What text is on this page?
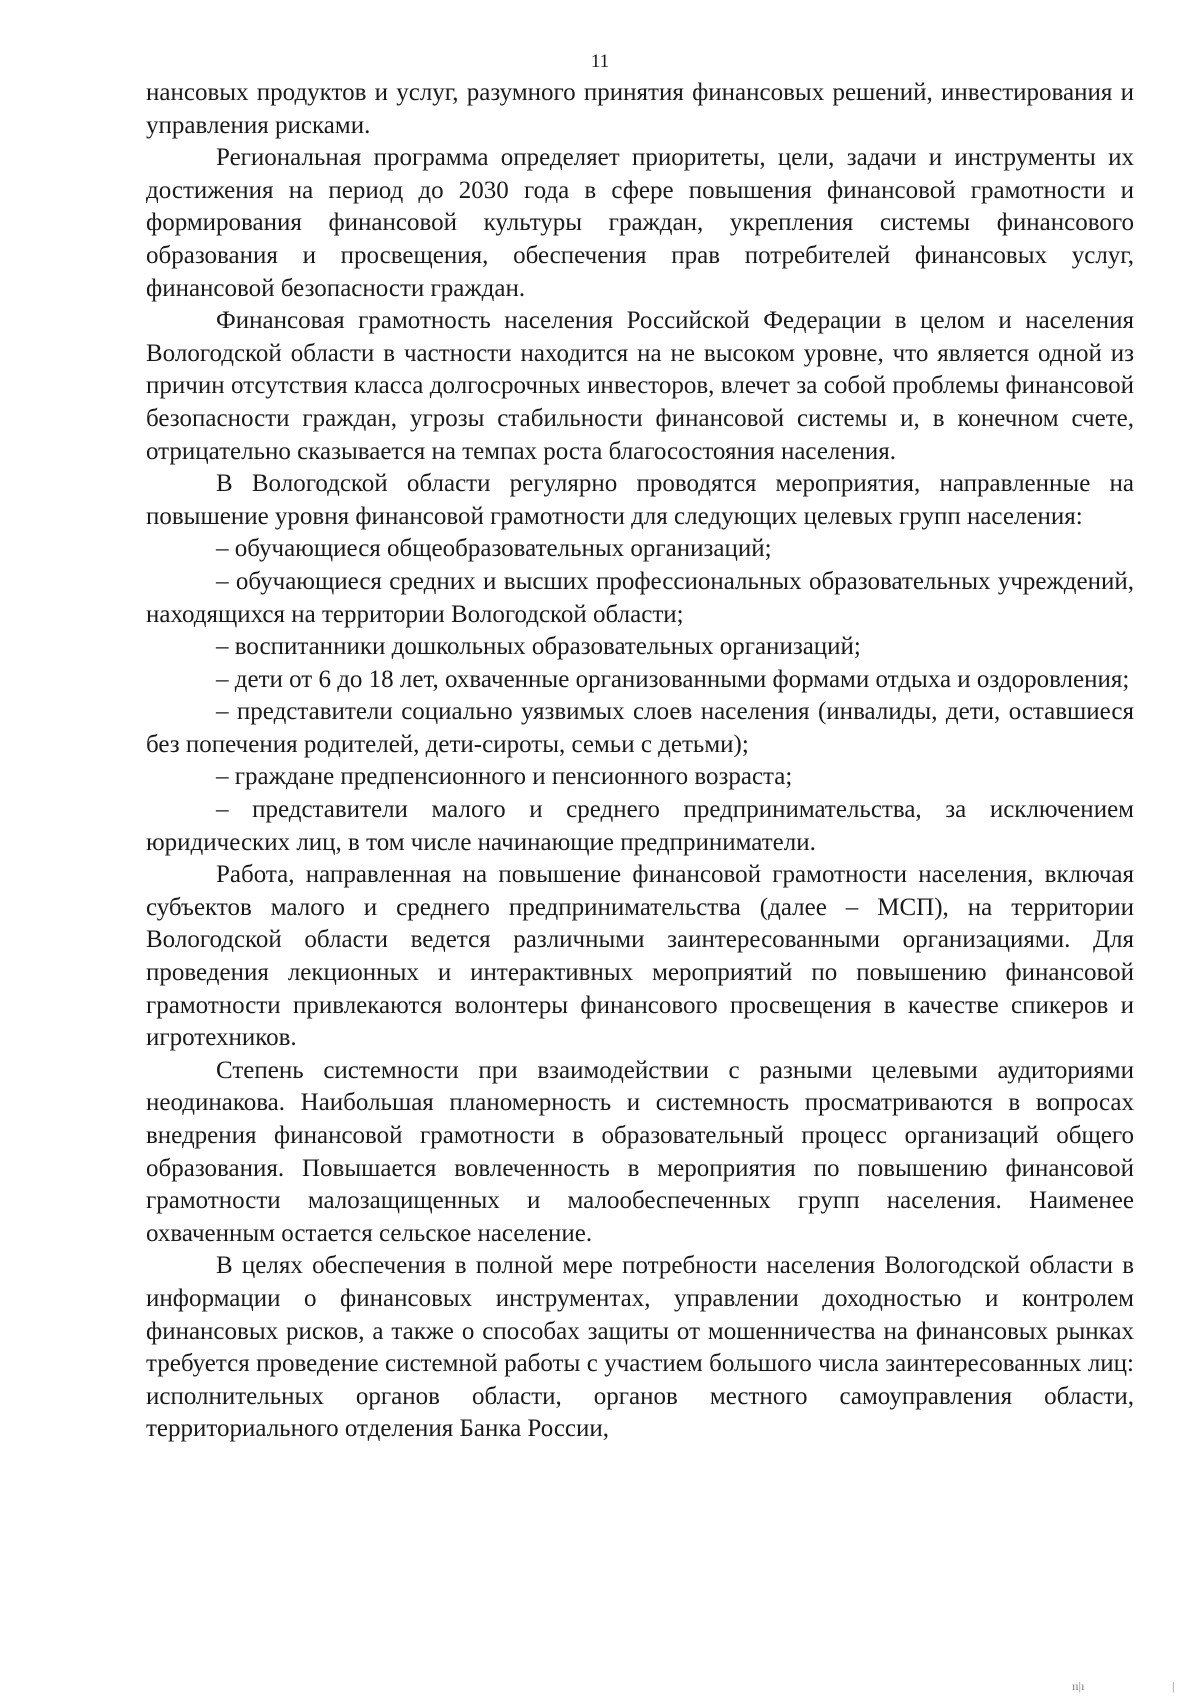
11

нансовых продуктов и услуг, разумного принятия финансовых решений, инвестирования и управления рисками.

Региональная программа определяет приоритеты, цели, задачи и инструменты их достижения на период до 2030 года в сфере повышения финансовой грамотности и формирования финансовой культуры граждан, укрепления системы финансового образования и просвещения, обеспечения прав потребителей финансовых услуг, финансовой безопасности граждан.

Финансовая грамотность населения Российской Федерации в целом и населения Вологодской области в частности находится на не высоком уровне, что является одной из причин отсутствия класса долгосрочных инвесторов, влечет за собой проблемы финансовой безопасности граждан, угрозы стабильности финансовой системы и, в конечном счете, отрицательно сказывается на темпах роста благосостояния населения.

В Вологодской области регулярно проводятся мероприятия, направленные на повышение уровня финансовой грамотности для следующих целевых групп населения:

– обучающиеся общеобразовательных организаций;

– обучающиеся средних и высших профессиональных образовательных учреждений, находящихся на территории Вологодской области;

– воспитанники дошкольных образовательных организаций;

– дети от 6 до 18 лет, охваченные организованными формами отдыха и оздоровления;

– представители социально уязвимых слоев населения (инвалиды, дети, оставшиеся без попечения родителей, дети-сироты, семьи с детьми);

– граждане предпенсионного и пенсионного возраста;

– представители малого и среднего предпринимательства, за исключением юридических лиц, в том числе начинающие предприниматели.

Работа, направленная на повышение финансовой грамотности населения, включая субъектов малого и среднего предпринимательства (далее – МСП), на территории Вологодской области ведется различными заинтересованными организациями. Для проведения лекционных и интерактивных мероприятий по повышению финансовой грамотности привлекаются волонтеры финансового просвещения в качестве спикеров и игротехников.

Степень системности при взаимодействии с разными целевыми аудиториями неодинакова. Наибольшая планомерность и системность просматриваются в вопросах внедрения финансовой грамотности в образовательный процесс организаций общего образования. Повышается вовлеченность в мероприятия по повышению финансовой грамотности малозащищенных и малообеспеченных групп населения. Наименее охваченным остается сельское население.

В целях обеспечения в полной мере потребности населения Вологодской области в информации о финансовых инструментах, управлении доходностью и контролем финансовых рисков, а также о способах защиты от мошенничества на финансовых рынках требуется проведение системной работы с участием большого числа заинтересованных лиц: исполнительных органов области, органов местного самоуправления области, территориального отделения Банка России,

ıı|ı	|
